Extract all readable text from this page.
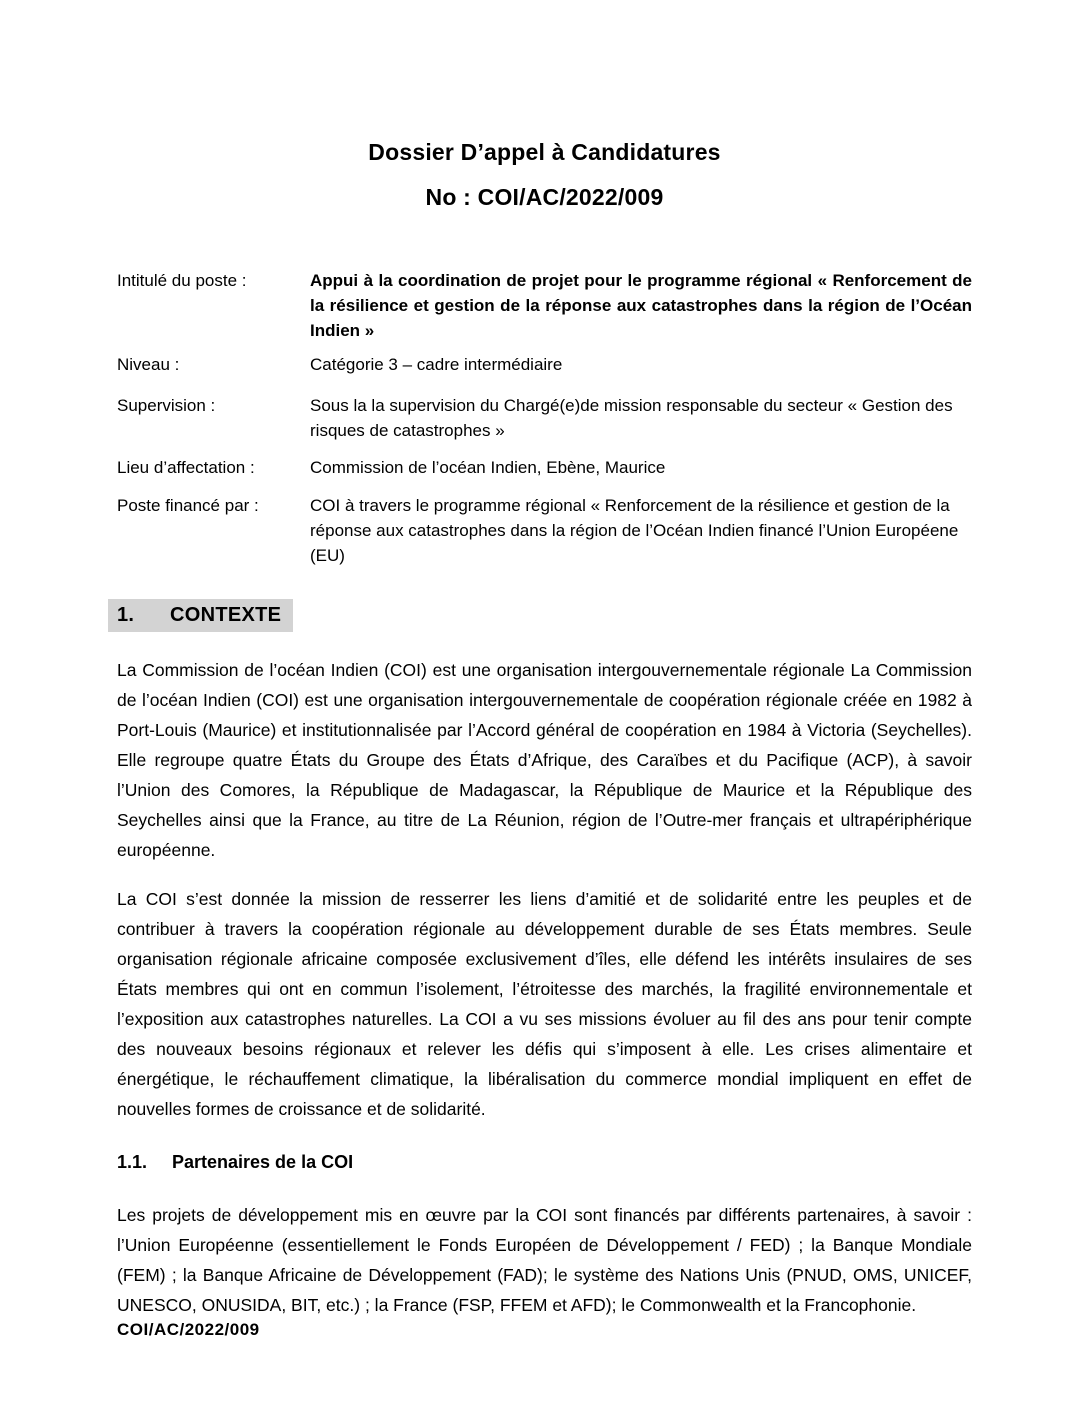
Dossier D’appel à Candidatures
No : COI/AC/2022/009
Intitulé du poste :	Appui à la coordination de projet pour le programme régional « Renforcement de la résilience et gestion de la réponse aux catastrophes dans la région de l’Océan Indien »
Niveau :	Catégorie 3 – cadre intermédiaire
Supervision :	Sous la la supervision du Chargé(e)de mission responsable du secteur « Gestion des risques de catastrophes »
Lieu d’affectation :	Commission de l’océan Indien, Ebène, Maurice
Poste financé par :	COI à travers le programme régional « Renforcement de la résilience et gestion de la réponse aux catastrophes dans la région de l’Océan Indien financé l’Union Européene (EU)
1. CONTEXTE

La Commission de l’océan Indien (COI) est une organisation intergouvernementale régionale La Commission de l’océan Indien (COI) est une organisation intergouvernementale de coopération régionale créée en 1982 à Port-Louis (Maurice) et institutionnalisée par l’Accord général de coopération en 1984 à Victoria (Seychelles). Elle regroupe quatre États du Groupe des États d’Afrique, des Caraïbes et du Pacifique (ACP), à savoir l’Union des Comores, la République de Madagascar, la République de Maurice et la République des Seychelles ainsi que la France, au titre de La Réunion, région de l’Outre-mer français et ultrapériphérique européenne.

La COI s’est donnée la mission de resserrer les liens d’amitié et de solidarité entre les peuples et de contribuer à travers la coopération régionale au développement durable de ses États membres. Seule organisation régionale africaine composée exclusivement d’îles, elle défend les intérêts insulaires de ses États membres qui ont en commun l’isolement, l’étroitesse des marchés, la fragilité environnementale et l’exposition aux catastrophes naturelles. La COI a vu ses missions évoluer au fil des ans pour tenir compte des nouveaux besoins régionaux et relever les défis qui s’imposent à elle. Les crises alimentaire et énergétique, le réchauffement climatique, la libéralisation du commerce mondial impliquent en effet de nouvelles formes de croissance et de solidarité.

1.1. Partenaires de la COI

Les projets de développement mis en œuvre par la COI sont financés par différents partenaires, à savoir : l’Union Européenne (essentiellement le Fonds Européen de Développement / FED) ; la Banque Mondiale (FEM) ; la Banque Africaine de Développement (FAD); le système des Nations Unis (PNUD, OMS, UNICEF, UNESCO, ONUSIDA, BIT, etc.) ; la France (FSP, FFEM et AFD); le Commonwealth et la Francophonie.

COI/AC/2022/009
